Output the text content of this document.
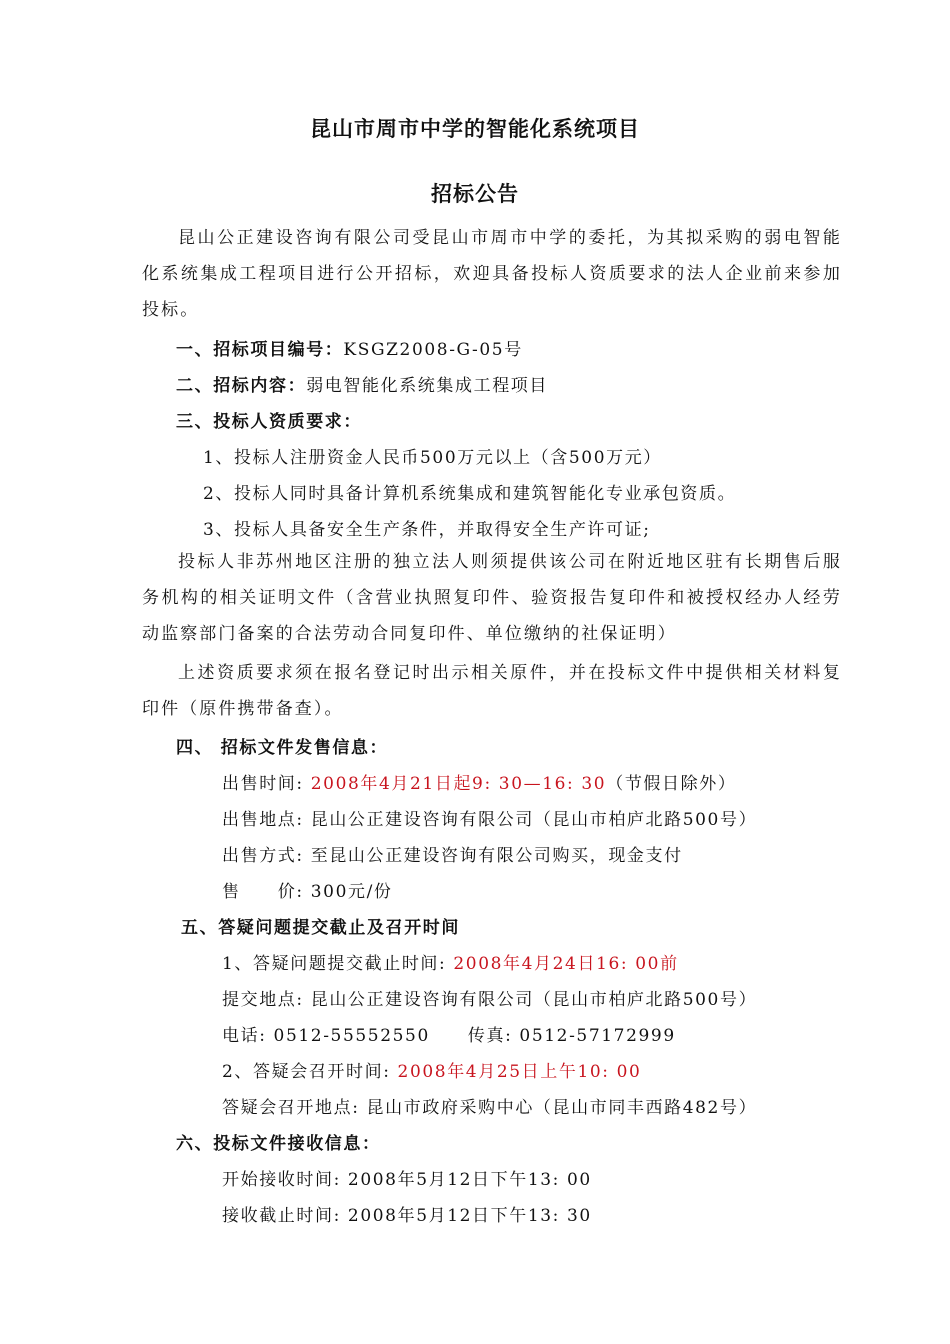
昆山市周市中学的智能化系统项目
招标公告
昆山公正建设咨询有限公司受昆山市周市中学的委托，为其拟采购的弱电智能化系统集成工程项目进行公开招标，欢迎具备投标人资质要求的法人企业前来参加投标。
一、招标项目编号：KSGZ2008-G-05号
二、招标内容：弱电智能化系统集成工程项目
三、投标人资质要求：
1、投标人注册资金人民币500万元以上（含500万元）
2、投标人同时具备计算机系统集成和建筑智能化专业承包资质。
3、投标人具备安全生产条件，并取得安全生产许可证;
投标人非苏州地区注册的独立法人则须提供该公司在附近地区驻有长期售后服务机构的相关证明文件（含营业执照复印件、验资报告复印件和被授权经办人经劳动监察部门备案的合法劳动合同复印件、单位缴纳的社保证明）
上述资质要求须在报名登记时出示相关原件，并在投标文件中提供相关材料复印件（原件携带备查）。
四、 招标文件发售信息：
出售时间: 2008年4月21日起9: 30—16: 30（节假日除外）
出售地点: 昆山公正建设咨询有限公司（昆山市柏庐北路500号）
出售方式: 至昆山公正建设咨询有限公司购买，现金支付
售　　价: 300元/份
五、答疑问题提交截止及召开时间
1、答疑问题提交截止时间: 2008年4月24日16: 00前
提交地点: 昆山公正建设咨询有限公司（昆山市柏庐北路500号）
电话: 0512-55552550 传真: 0512-57172999
2、答疑会召开时间: 2008年4月25日上午10: 00
答疑会召开地点: 昆山市政府采购中心（昆山市同丰西路482号）
六、投标文件接收信息：
开始接收时间: 2008年5月12日下午13: 00
接收截止时间: 2008年5月12日下午13: 30
